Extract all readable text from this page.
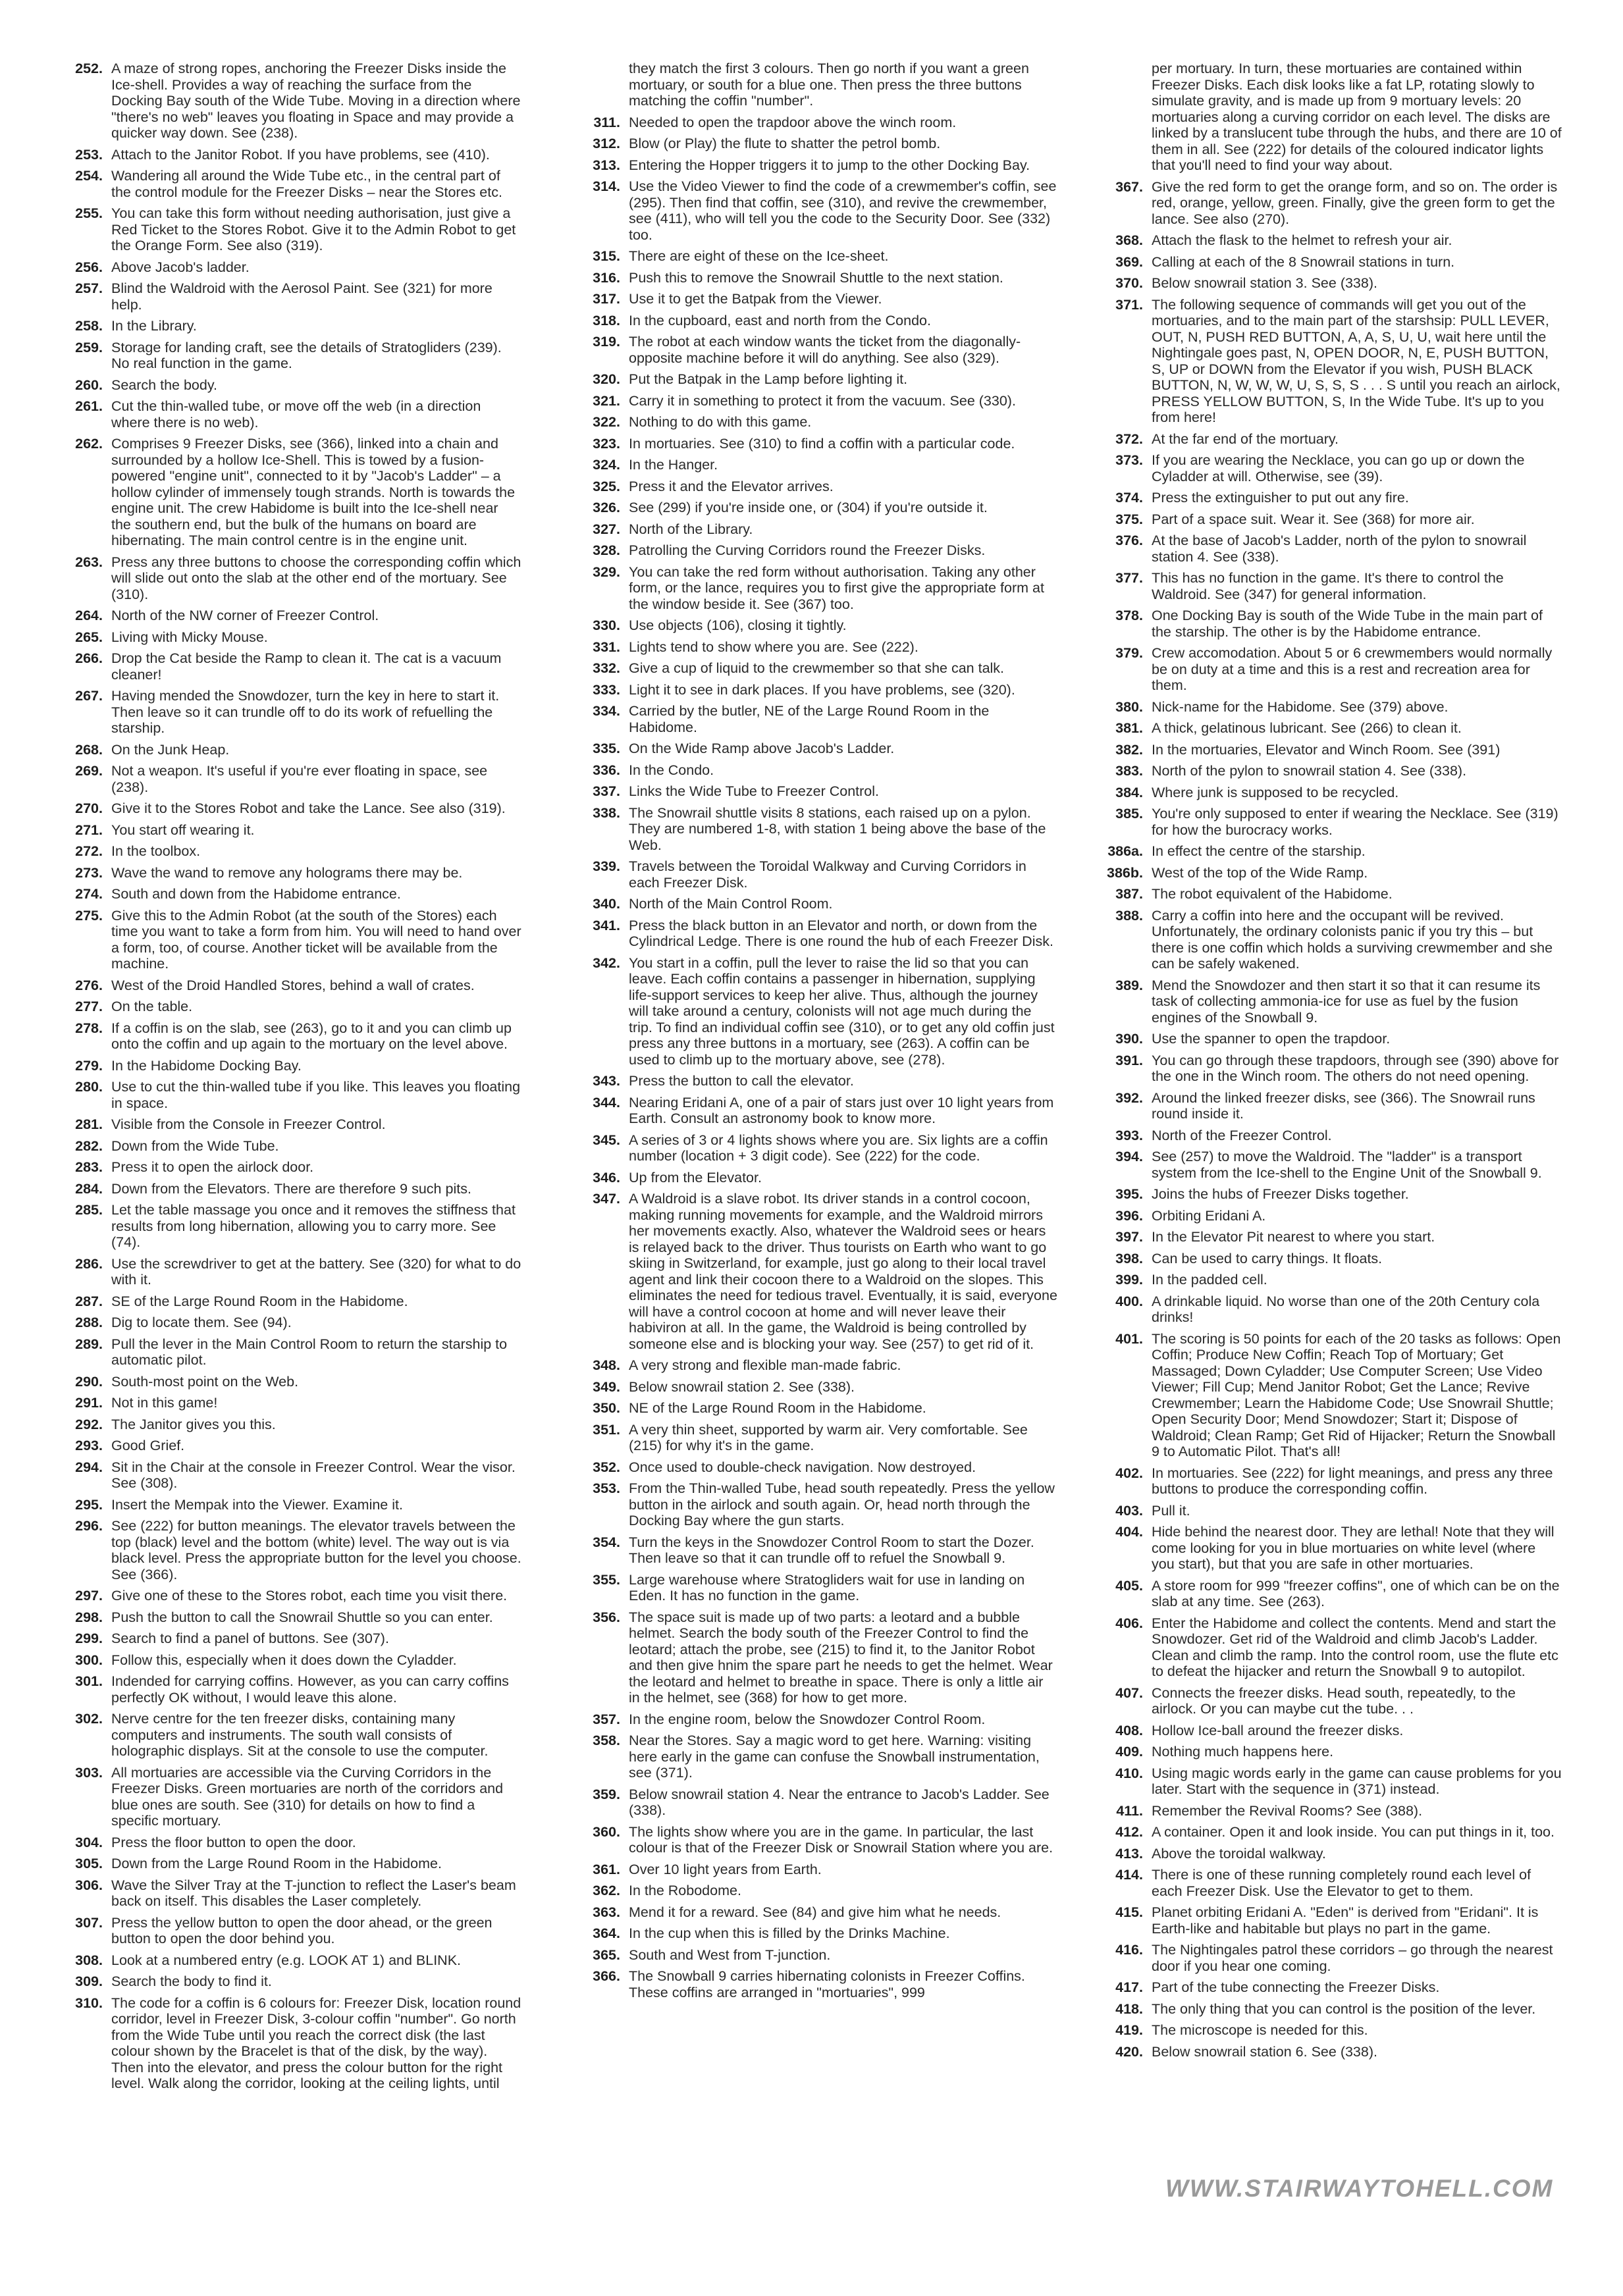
252. A maze of strong ropes, anchoring the Freezer Disks inside the Ice-shell. Provides a way of reaching the surface from the Docking Bay south of the Wide Tube. Moving in a direction where "there's no web" leaves you floating in Space and may provide a quicker way down. See (238).
253. Attach to the Janitor Robot. If you have problems, see (410).
254. Wandering all around the Wide Tube etc., in the central part of the control module for the Freezer Disks – near the Stores etc.
255. You can take this form without needing authorisation, just give a Red Ticket to the Stores Robot. Give it to the Admin Robot to get the Orange Form. See also (319).
256. Above Jacob's ladder.
257. Blind the Waldroid with the Aerosol Paint. See (321) for more help.
258. In the Library.
259. Storage for landing craft, see the details of Stratogliders (239). No real function in the game.
260. Search the body.
261. Cut the thin-walled tube, or move off the web (in a direction where there is no web).
262. Comprises 9 Freezer Disks, see (366), linked into a chain and surrounded by a hollow Ice-Shell. This is towed by a fusion-powered "engine unit", connected to it by "Jacob's Ladder" – a hollow cylinder of immensely tough strands. North is towards the engine unit. The crew Habidome is built into the Ice-shell near the southern end, but the bulk of the humans on board are hibernating. The main control centre is in the engine unit.
263. Press any three buttons to choose the corresponding coffin which will slide out onto the slab at the other end of the mortuary. See (310).
264. North of the NW corner of Freezer Control.
265. Living with Micky Mouse.
266. Drop the Cat beside the Ramp to clean it. The cat is a vacuum cleaner!
267. Having mended the Snowdozer, turn the key in here to start it. Then leave so it can trundle off to do its work of refuelling the starship.
268. On the Junk Heap.
269. Not a weapon. It's useful if you're ever floating in space, see (238).
270. Give it to the Stores Robot and take the Lance. See also (319).
271. You start off wearing it.
272. In the toolbox.
273. Wave the wand to remove any holograms there may be.
274. South and down from the Habidome entrance.
275. Give this to the Admin Robot (at the south of the Stores) each time you want to take a form from him. You will need to hand over a form, too, of course. Another ticket will be available from the machine.
276. West of the Droid Handled Stores, behind a wall of crates.
277. On the table.
278. If a coffin is on the slab, see (263), go to it and you can climb up onto the coffin and up again to the mortuary on the level above.
279. In the Habidome Docking Bay.
280. Use to cut the thin-walled tube if you like. This leaves you floating in space.
281. Visible from the Console in Freezer Control.
282. Down from the Wide Tube.
283. Press it to open the airlock door.
284. Down from the Elevators. There are therefore 9 such pits.
285. Let the table massage you once and it removes the stiffness that results from long hibernation, allowing you to carry more. See (74).
286. Use the screwdriver to get at the battery. See (320) for what to do with it.
287. SE of the Large Round Room in the Habidome.
288. Dig to locate them. See (94).
289. Pull the lever in the Main Control Room to return the starship to automatic pilot.
290. South-most point on the Web.
291. Not in this game!
292. The Janitor gives you this.
293. Good Grief.
294. Sit in the Chair at the console in Freezer Control. Wear the visor. See (308).
295. Insert the Mempak into the Viewer. Examine it.
296. See (222) for button meanings. The elevator travels between the top (black) level and the bottom (white) level. The way out is via black level. Press the appropriate button for the level you choose. See (366).
297. Give one of these to the Stores robot, each time you visit there.
298. Push the button to call the Snowrail Shuttle so you can enter.
299. Search to find a panel of buttons. See (307).
300. Follow this, especially when it does down the Cyladder.
301. Indended for carrying coffins. However, as you can carry coffins perfectly OK without, I would leave this alone.
302. Nerve centre for the ten freezer disks, containing many computers and instruments. The south wall consists of holographic displays. Sit at the console to use the computer.
303. All mortuaries are accessible via the Curving Corridors in the Freezer Disks. Green mortuaries are north of the corridors and blue ones are south. See (310) for details on how to find a specific mortuary.
304. Press the floor button to open the door.
305. Down from the Large Round Room in the Habidome.
306. Wave the Silver Tray at the T-junction to reflect the Laser's beam back on itself. This disables the Laser completely.
307. Press the yellow button to open the door ahead, or the green button to open the door behind you.
308. Look at a numbered entry (e.g. LOOK AT 1) and BLINK.
309. Search the body to find it.
310. The code for a coffin is 6 colours for: Freezer Disk, location round corridor, level in Freezer Disk, 3-colour coffin "number". Go north from the Wide Tube until you reach the correct disk (the last colour shown by the Bracelet is that of the disk, by the way). Then into the elevator, and press the colour button for the right level. Walk along the corridor, looking at the ceiling lights, until
they match the first 3 colours. Then go north if you want a green mortuary, or south for a blue one. Then press the three buttons matching the coffin "number".
311. Needed to open the trapdoor above the winch room.
312. Blow (or Play) the flute to shatter the petrol bomb.
313. Entering the Hopper triggers it to jump to the other Docking Bay.
314. Use the Video Viewer to find the code of a crewmember's coffin, see (295). Then find that coffin, see (310), and revive the crewmember, see (411), who will tell you the code to the Security Door. See (332) too.
315. There are eight of these on the Ice-sheet.
316. Push this to remove the Snowrail Shuttle to the next station.
317. Use it to get the Batpak from the Viewer.
318. In the cupboard, east and north from the Condo.
319. The robot at each window wants the ticket from the diagonally-opposite machine before it will do anything. See also (329).
320. Put the Batpak in the Lamp before lighting it.
321. Carry it in something to protect it from the vacuum. See (330).
322. Nothing to do with this game.
323. In mortuaries. See (310) to find a coffin with a particular code.
324. In the Hanger.
325. Press it and the Elevator arrives.
326. See (299) if you're inside one, or (304) if you're outside it.
327. North of the Library.
328. Patrolling the Curving Corridors round the Freezer Disks.
329. You can take the red form without authorisation. Taking any other form, or the lance, requires you to first give the appropriate form at the window beside it. See (367) too.
330. Use objects (106), closing it tightly.
331. Lights tend to show where you are. See (222).
332. Give a cup of liquid to the crewmember so that she can talk.
333. Light it to see in dark places. If you have problems, see (320).
334. Carried by the butler, NE of the Large Round Room in the Habidome.
335. On the Wide Ramp above Jacob's Ladder.
336. In the Condo.
337. Links the Wide Tube to Freezer Control.
338. The Snowrail shuttle visits 8 stations, each raised up on a pylon. They are numbered 1-8, with station 1 being above the base of the Web.
339. Travels between the Toroidal Walkway and Curving Corridors in each Freezer Disk.
340. North of the Main Control Room.
341. Press the black button in an Elevator and north, or down from the Cylindrical Ledge. There is one round the hub of each Freezer Disk.
342. You start in a coffin, pull the lever to raise the lid so that you can leave. Each coffin contains a passenger in hibernation, supplying life-support services to keep her alive. Thus, although the journey will take around a century, colonists will not age much during the trip. To find an individual coffin see (310), or to get any old coffin just press any three buttons in a mortuary, see (263). A coffin can be used to climb up to the mortuary above, see (278).
343. Press the button to call the elevator.
344. Nearing Eridani A, one of a pair of stars just over 10 light years from Earth. Consult an astronomy book to know more.
345. A series of 3 or 4 lights shows where you are. Six lights are a coffin number (location + 3 digit code). See (222) for the code.
346. Up from the Elevator.
347. A Waldroid is a slave robot. Its driver stands in a control cocoon, making running movements for example, and the Waldroid mirrors her movements exactly. Also, whatever the Waldroid sees or hears is relayed back to the driver. Thus tourists on Earth who want to go skiing in Switzerland, for example, just go along to their local travel agent and link their cocoon there to a Waldroid on the slopes. This eliminates the need for tedious travel. Eventually, it is said, everyone will have a control cocoon at home and will never leave their habiviron at all. In the game, the Waldroid is being controlled by someone else and is blocking your way. See (257) to get rid of it.
348. A very strong and flexible man-made fabric.
349. Below snowrail station 2. See (338).
350. NE of the Large Round Room in the Habidome.
351. A very thin sheet, supported by warm air. Very comfortable. See (215) for why it's in the game.
352. Once used to double-check navigation. Now destroyed.
353. From the Thin-walled Tube, head south repeatedly. Press the yellow button in the airlock and south again. Or, head north through the Docking Bay where the gun starts.
354. Turn the keys in the Snowdozer Control Room to start the Dozer. Then leave so that it can trundle off to refuel the Snowball 9.
355. Large warehouse where Stratogliders wait for use in landing on Eden. It has no function in the game.
356. The space suit is made up of two parts: a leotard and a bubble helmet. Search the body south of the Freezer Control to find the leotard; attach the probe, see (215) to find it, to the Janitor Robot and then give hnim the spare part he needs to get the helmet. Wear the leotard and helmet to breathe in space. There is only a little air in the helmet, see (368) for how to get more.
357. In the engine room, below the Snowdozer Control Room.
358. Near the Stores. Say a magic word to get here. Warning: visiting here early in the game can confuse the Snowball instrumentation, see (371).
359. Below snowrail station 4. Near the entrance to Jacob's Ladder. See (338).
360. The lights show where you are in the game. In particular, the last colour is that of the Freezer Disk or Snowrail Station where you are.
361. Over 10 light years from Earth.
362. In the Robodome.
363. Mend it for a reward. See (84) and give him what he needs.
364. In the cup when this is filled by the Drinks Machine.
365. South and West from T-junction.
366. The Snowball 9 carries hibernating colonists in Freezer Coffins. These coffins are arranged in "mortuaries", 999
per mortuary. In turn, these mortuaries are contained within Freezer Disks. Each disk looks like a fat LP, rotating slowly to simulate gravity, and is made up from 9 mortuary levels: 20 mortuaries along a curving corridor on each level. The disks are linked by a translucent tube through the hubs, and there are 10 of them in all. See (222) for details of the coloured indicator lights that you'll need to find your way about.
367. Give the red form to get the orange form, and so on. The order is red, orange, yellow, green. Finally, give the green form to get the lance. See also (270).
368. Attach the flask to the helmet to refresh your air.
369. Calling at each of the 8 Snowrail stations in turn.
370. Below snowrail station 3. See (338).
371. The following sequence of commands will get you out of the mortuaries, and to the main part of the starshsip: PULL LEVER, OUT, N, PUSH RED BUTTON, A, A, S, U, U, wait here until the Nightingale goes past, N, OPEN DOOR, N, E, PUSH BUTTON, S, UP or DOWN from the Elevator if you wish, PUSH BLACK BUTTON, N, W, W, W, U, S, S, S . . . S until you reach an airlock, PRESS YELLOW BUTTON, S, In the Wide Tube. It's up to you from here!
372. At the far end of the mortuary.
373. If you are wearing the Necklace, you can go up or down the Cyladder at will. Otherwise, see (39).
374. Press the extinguisher to put out any fire.
375. Part of a space suit. Wear it. See (368) for more air.
376. At the base of Jacob's Ladder, north of the pylon to snowrail station 4. See (338).
377. This has no function in the game. It's there to control the Waldroid. See (347) for general information.
378. One Docking Bay is south of the Wide Tube in the main part of the starship. The other is by the Habidome entrance.
379. Crew accomodation. About 5 or 6 crewmembers would normally be on duty at a time and this is a rest and recreation area for them.
380. Nick-name for the Habidome. See (379) above.
381. A thick, gelatinous lubricant. See (266) to clean it.
382. In the mortuaries, Elevator and Winch Room. See (391)
383. North of the pylon to snowrail station 4. See (338).
384. Where junk is supposed to be recycled.
385. You're only supposed to enter if wearing the Necklace. See (319) for how the burocracy works.
386a. In effect the centre of the starship.
386b. West of the top of the Wide Ramp.
387. The robot equivalent of the Habidome.
388. Carry a coffin into here and the occupant will be revived. Unfortunately, the ordinary colonists panic if you try this – but there is one coffin which holds a surviving crewmember and she can be safely wakened.
389. Mend the Snowdozer and then start it so that it can resume its task of collecting ammonia-ice for use as fuel by the fusion engines of the Snowball 9.
390. Use the spanner to open the trapdoor.
391. You can go through these trapdoors, through see (390) above for the one in the Winch room. The others do not need opening.
392. Around the linked freezer disks, see (366). The Snowrail runs round inside it.
393. North of the Freezer Control.
394. See (257) to move the Waldroid. The "ladder" is a transport system from the Ice-shell to the Engine Unit of the Snowball 9.
395. Joins the hubs of Freezer Disks together.
396. Orbiting Eridani A.
397. In the Elevator Pit nearest to where you start.
398. Can be used to carry things. It floats.
399. In the padded cell.
400. A drinkable liquid. No worse than one of the 20th Century cola drinks!
401. The scoring is 50 points for each of the 20 tasks as follows: Open Coffin; Produce New Coffin; Reach Top of Mortuary; Get Massaged; Down Cyladder; Use Computer Screen; Use Video Viewer; Fill Cup; Mend Janitor Robot; Get the Lance; Revive Crewmember; Learn the Habidome Code; Use Snowrail Shuttle; Open Security Door; Mend Snowdozer; Start it; Dispose of Waldroid; Clean Ramp; Get Rid of Hijacker; Return the Snowball 9 to Automatic Pilot. That's all!
402. In mortuaries. See (222) for light meanings, and press any three buttons to produce the corresponding coffin.
403. Pull it.
404. Hide behind the nearest door. They are lethal! Note that they will come looking for you in blue mortuaries on white level (where you start), but that you are safe in other mortuaries.
405. A store room for 999 "freezer coffins", one of which can be on the slab at any time. See (263).
406. Enter the Habidome and collect the contents. Mend and start the Snowdozer. Get rid of the Waldroid and climb Jacob's Ladder. Clean and climb the ramp. Into the control room, use the flute etc to defeat the hijacker and return the Snowball 9 to autopilot.
407. Connects the freezer disks. Head south, repeatedly, to the airlock. Or you can maybe cut the tube. . .
408. Hollow Ice-ball around the freezer disks.
409. Nothing much happens here.
410. Using magic words early in the game can cause problems for you later. Start with the sequence in (371) instead.
411. Remember the Revival Rooms? See (388).
412. A container. Open it and look inside. You can put things in it, too.
413. Above the toroidal walkway.
414. There is one of these running completely round each level of each Freezer Disk. Use the Elevator to get to them.
415. Planet orbiting Eridani A. "Eden" is derived from "Eridani". It is Earth-like and habitable but plays no part in the game.
416. The Nightingales patrol these corridors – go through the nearest door if you hear one coming.
417. Part of the tube connecting the Freezer Disks.
418. The only thing that you can control is the position of the lever.
419. The microscope is needed for this.
420. Below snowrail station 6. See (338).
WWW.STAIRWAYTOHELL.COM
